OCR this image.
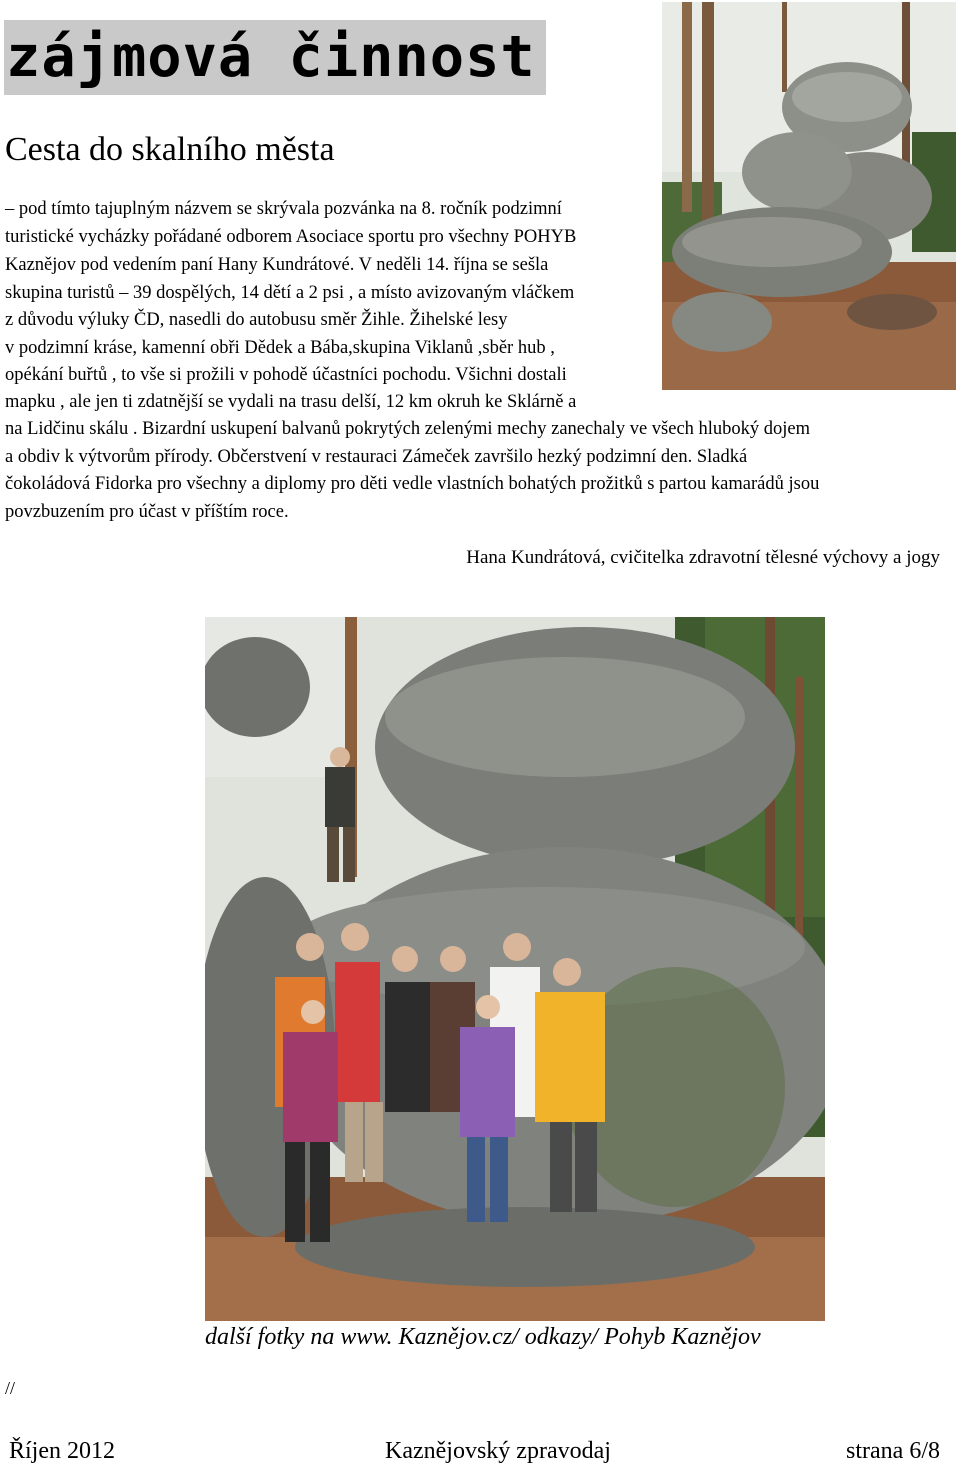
zájmová činnost
Cesta do skalního města
– pod tímto tajuplným názvem se skrývala pozvánka na 8. ročník podzimní
turistické vycházky pořádané odborem Asociace sportu pro všechny POHYB
Kaznějov pod vedením paní Hany Kundrátové. V neděli 14. října se sešla
skupina turistů – 39 dospělých, 14 dětí a 2 psi , a místo avizovaným vláčkem
z důvodu výluky ČD, nasedli do autobusu směr Žihle. Žihelské lesy
v podzimní kráse, kamenní obři Dědek a Bába,skupina Viklanů ,sběr hub ,
opékání buřtů , to vše si prožili v pohodě účastníci pochodu. Všichni dostali
mapku , ale jen ti zdatnější se vydali na trasu delší, 12 km okruh ke Sklárně a
na Lidčinu skálu . Bizardní uskupení balvanů pokrytých zelenými mechy zanechaly ve všech hluboký dojem
a obdiv k výtvorům přírody. Občerstvení v restauraci Zámeček završilo hezký podzimní den. Sladká
čokoládová Fidorka pro všechny a diplomy pro děti vedle vlastních bohatých prožitků s partou kamarádů jsou
povzbuzením pro účast v příštím roce.
Hana Kundrátová, cvičitelka zdravotní tělesné výchovy a jogy
další fotky na www. Kaznějov.cz/ odkazy/ Pohyb Kaznějov
//
Říjen 2012	Kaznějovský zpravodaj	strana 6/8
